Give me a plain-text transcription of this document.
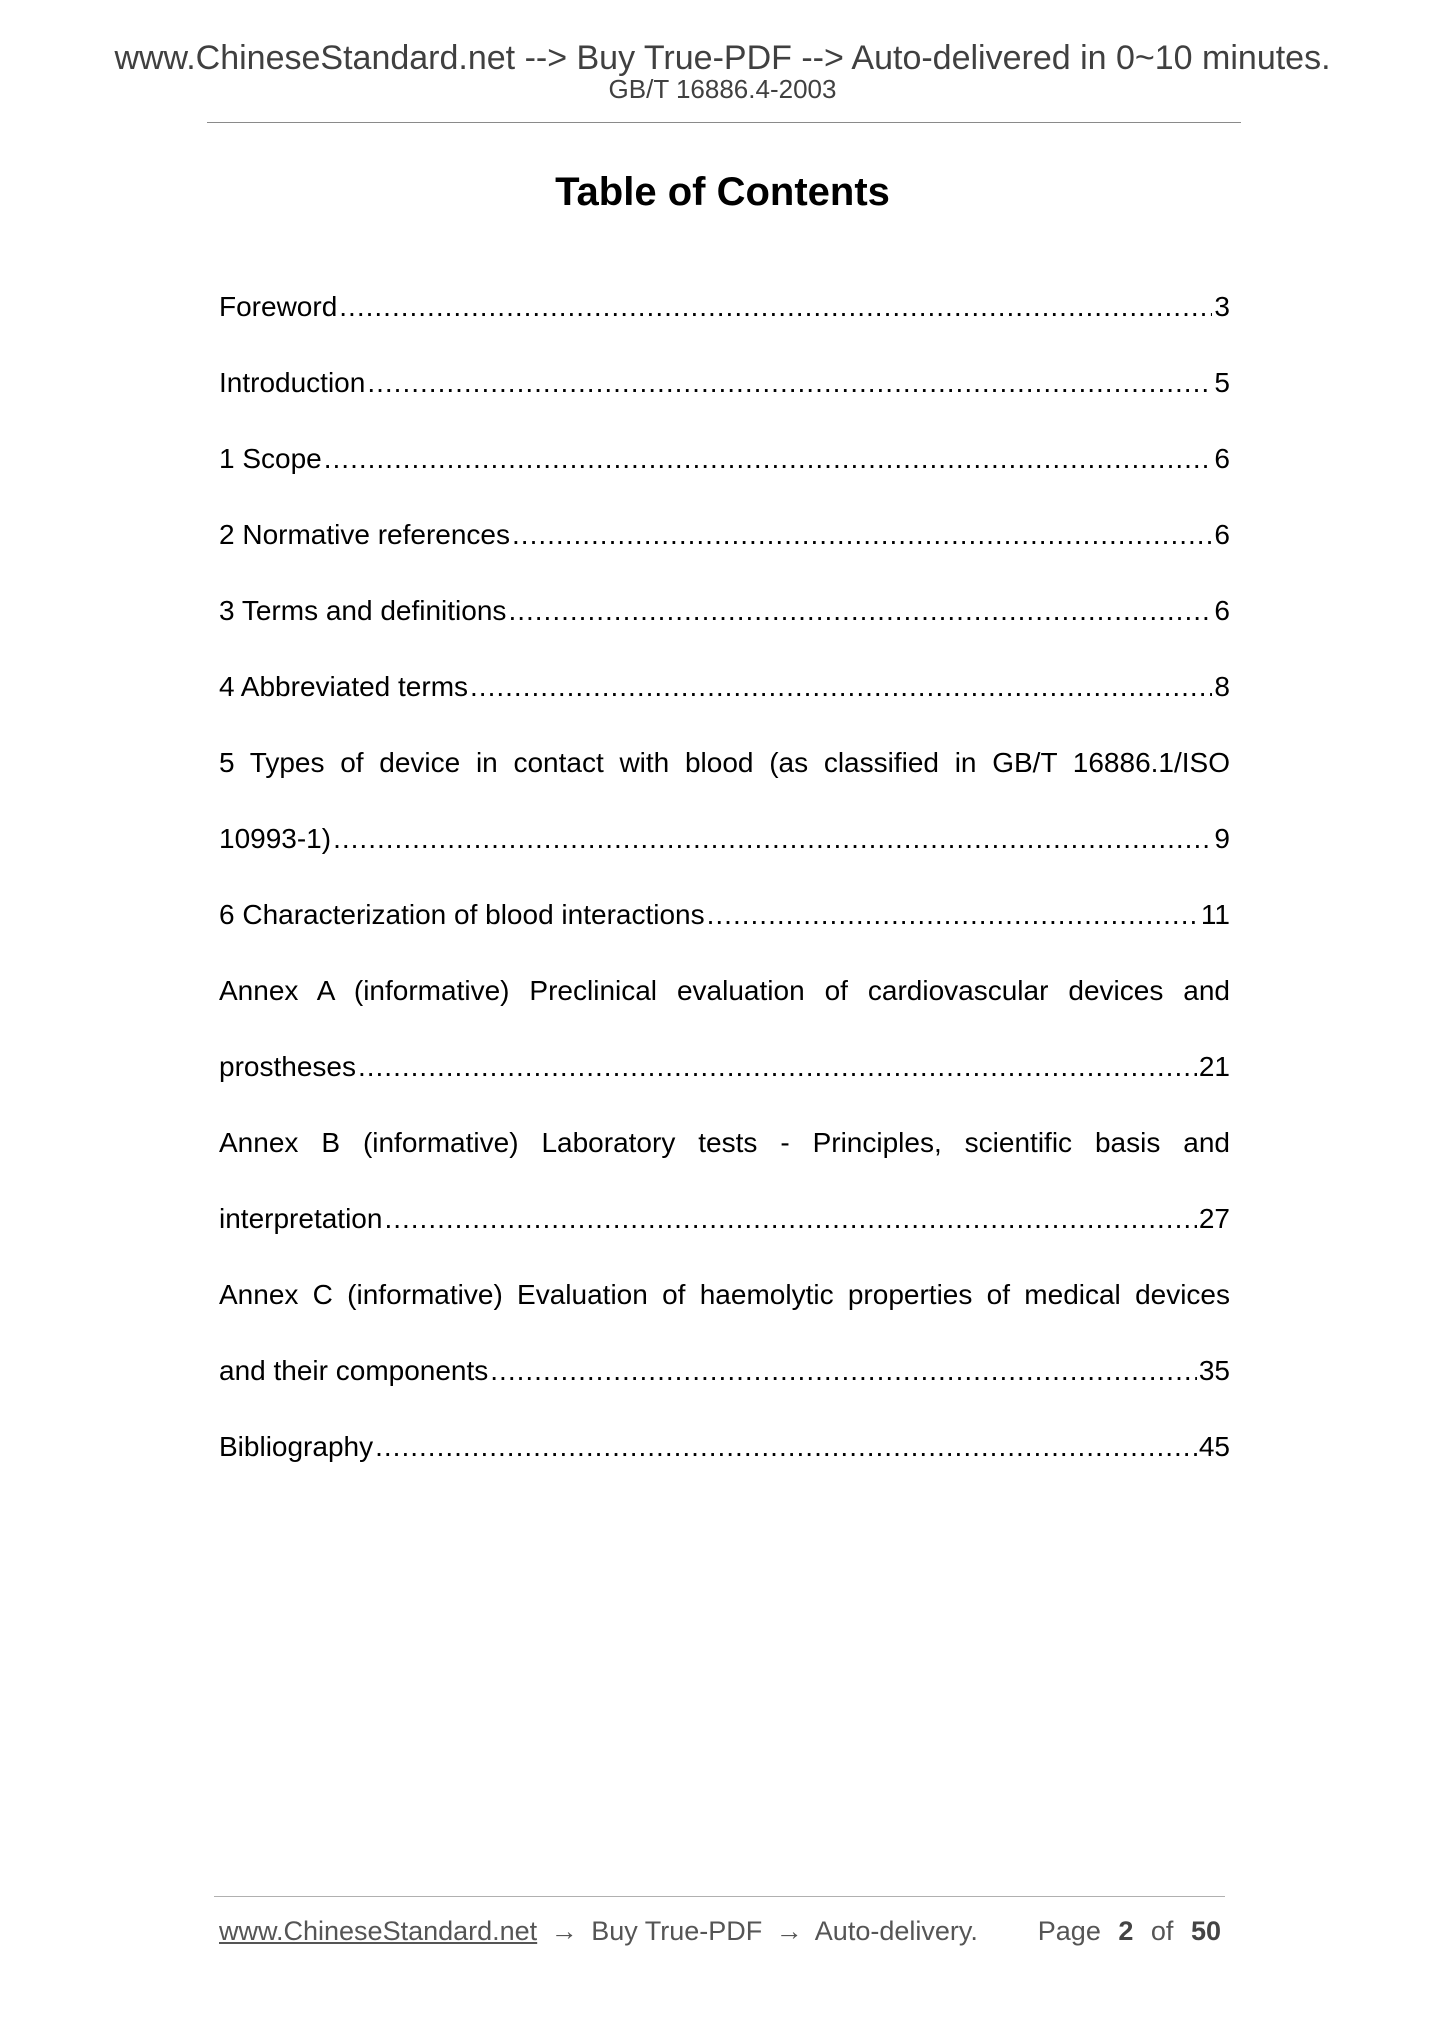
www.ChineseStandard.net --> Buy True-PDF --> Auto-delivered in 0~10 minutes.
GB/T 16886.4-2003
Table of Contents
Foreword .....	3
Introduction .....	5
1 Scope .....	6
2 Normative references .....	6
3 Terms and definitions .....	6
4 Abbreviated terms .....	8
5 Types of device in contact with blood (as classified in GB/T 16886.1/ISO
10993-1) .....	9
6 Characterization of blood interactions .....	11
Annex A (informative) Preclinical evaluation of cardiovascular devices and
prostheses .....	21
Annex B (informative) Laboratory tests - Principles, scientific basis and
interpretation .....	27
Annex C (informative) Evaluation of haemolytic properties of medical devices
and their components .....	35
Bibliography .....	45
www.ChineseStandard.net → Buy True-PDF → Auto-delivery. Page 2 of 50
